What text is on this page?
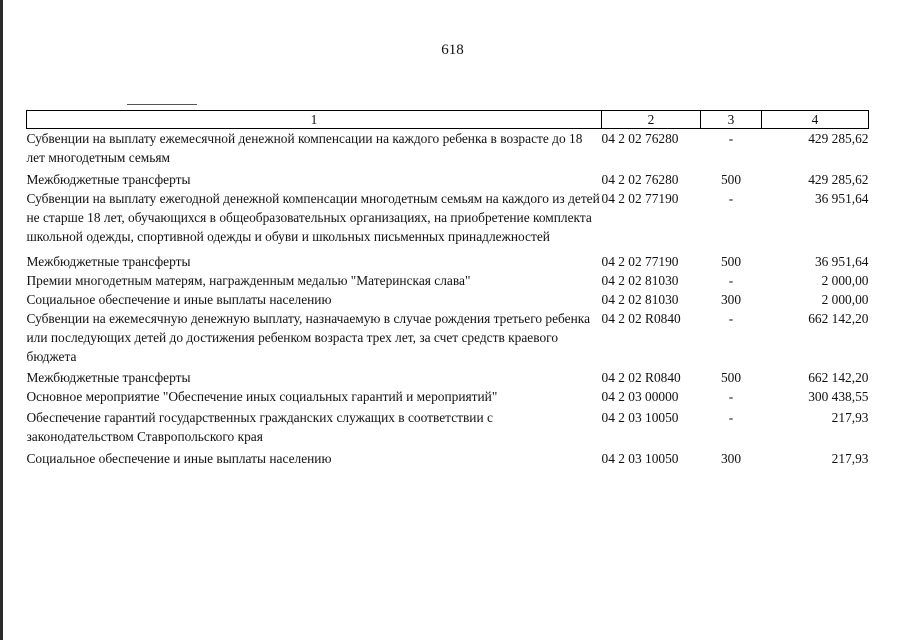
618
1	2	3	4
Субвенции на выплату ежемесячной денежной компенсации на каждого ребенка в возрасте до 18 лет многодетным семьям	04 2 02 76280	-	429 285,62
Межбюджетные трансферты	04 2 02 76280	500	429 285,62
Субвенции на выплату ежегодной денежной компенсации многодетным семьям на каждого из детей не старше 18 лет, обучающихся в общеобразовательных организациях, на приобретение комплекта школьной одежды, спортивной одежды и обуви и школьных письменных принадлежностей	04 2 02 77190	-	36 951,64
Межбюджетные трансферты	04 2 02 77190	500	36 951,64
Премии многодетным матерям, награжденным медалью "Материнская слава"	04 2 02 81030	-	2 000,00
Социальное обеспечение и иные выплаты населению	04 2 02 81030	300	2 000,00
Субвенции на ежемесячную денежную выплату, назначаемую в случае рождения третьего ребенка или последующих детей до достижения ребенком возраста трех лет, за счет средств краевого бюджета	04 2 02 R0840	-	662 142,20
Межбюджетные трансферты	04 2 02 R0840	500	662 142,20
Основное мероприятие "Обеспечение иных социальных гарантий и мероприятий"	04 2 03 00000	-	300 438,55
Обеспечение гарантий государственных гражданских служащих в соответствии с законодательством Ставропольского края	04 2 03 10050	-	217,93
Социальное обеспечение и иные выплаты населению	04 2 03 10050	300	217,93
